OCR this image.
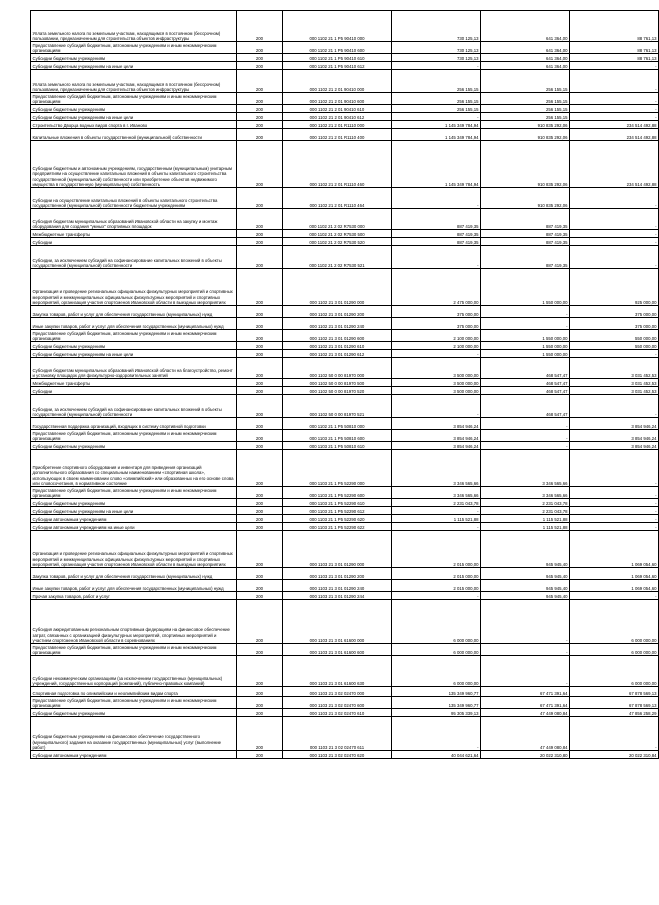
Уплата земельного налога по земельным участкам, находящимся в постоянном (бессрочном) пользовании, предназначенным для строительства объектов инфраструктуры	200	000 1102 21 1 P5 90410 000	730 125,13	641 364,00	88 761,13
Предоставление субсидий бюджетным, автономным учреждениям и иным некоммерческим организациям	200	000 1102 21 1 P5 90410 600	730 125,13	641 364,00	88 761,13
Субсидии бюджетным учреждениям	200	000 1102 21 1 P5 90410 610	730 125,13	641 364,00	88 761,13
Субсидии бюджетным учреждениям на иные цели	200	000 1102 21 1 P5 90410 612	-	641 364,00	-
Уплата земельного налога по земельным участкам, находящимся в постоянном (бессрочном) пользовании, предназначенным для строительства объектов инфраструктуры	200	000 1102 21 2 01 90410 000	256 155,15	256 155,15	-
Предоставление субсидий бюджетным, автономным учреждениям и иным некоммерческим организациям	200	000 1102 21 2 01 90410 600	256 155,15	256 155,15	-
Субсидии бюджетным учреждениям	200	000 1102 21 2 01 90410 610	256 155,15	256 155,15	-
Субсидии бюджетным учреждениям на иные цели	200	000 1102 21 2 01 90410 612	-	256 155,15	-
Строительство Дворца водных видов спорта в г. Иваново	200	000 1102 21 2 01 R1110 000	1 145 349 784,94	910 835 292,06	234 514 492,88
Капитальные вложения в объекты государственной (муниципальной) собственности	200	000 1102 21 2 01 R1110 400	1 145 349 784,94	910 835 292,06	234 514 492,88
Субсидии бюджетным и автономным учреждениям, государственным (муниципальным) унитарным предприятиям на осуществление капитальных вложений в объекты капитального строительства государственной (муниципальной) собственности или приобретение объектов недвижимого имущества в государственную (муниципальную) собственность	200	000 1102 21 2 01 R1110 460	1 145 349 784,94	910 835 292,06	234 514 492,88
Субсидии на осуществление капитальных вложений в объекты капитального строительства государственной (муниципальной) собственности бюджетным учреждениям	200	000 1102 21 2 01 R1110 464	-	910 835 292,06	-
Субсидия бюджетам муниципальных образований Ивановской области на закупку и монтаж оборудования для создания "умных" спортивных площадок	200	000 1102 21 2 02 R7530 000	887 419,35	887 419,35	-
Межбюджетные трансферты	200	000 1102 21 2 02 R7530 500	887 419,35	887 419,35	-
Субсидии	200	000 1102 21 2 02 R7530 520	887 419,35	887 419,35	-
Субсидии, за исключением субсидий на софинансирование капитальных вложений в объекты государственной (муниципальной) собственности	200	000 1102 21 2 02 R7530 521	-	887 419,35	-
Организация и проведение региональных официальных физкультурных мероприятий и спортивных мероприятий и межмуниципальных официальных физкультурных мероприятий и спортивных мероприятий, организация участия спортсменов Ивановской области в выездных мероприятиях	200	000 1102 21 3 01 01290 000	2 475 000,00	1 550 000,00	925 000,00
Закупка товаров, работ и услуг для обеспечения государственных (муниципальных) нужд	200	000 1102 21 3 01 01290 200	375 000,00	-	375 000,00
Иные закупки товаров, работ и услуг для обеспечения государственных (муниципальных) нужд	200	000 1102 21 3 01 01290 240	375 000,00	-	375 000,00
Предоставление субсидий бюджетным, автономным учреждениям и иным некоммерческим организациям	200	000 1102 21 3 01 01290 600	2 100 000,00	1 550 000,00	550 000,00
Субсидии бюджетным учреждениям	200	000 1102 21 3 01 01290 610	2 100 000,00	1 550 000,00	550 000,00
Субсидии бюджетным учреждениям на иные цели	200	000 1102 21 3 01 01290 612	-	1 550 000,00	-
Субсидия бюджетам муниципальных образований Ивановской области на благоустройство, ремонт и установку площадок для физкультурно-оздоровительных занятий	200	000 1102 50 0 00 81970 000	3 500 000,00	468 547,47	3 031 452,53
Межбюджетные трансферты	200	000 1102 50 0 00 81970 500	3 500 000,00	468 547,47	3 031 452,53
Субсидии	200	000 1102 50 0 00 81970 520	3 500 000,00	468 547,47	3 031 452,53
Субсидии, за исключением субсидий на софинансирование капитальных вложений в объекты государственной (муниципальной) собственности	200	000 1102 50 0 00 81970 521	-	468 547,47	-
Государственная поддержка организаций, входящих в систему спортивной подготовки	200	000 1102 21 1 P5 50810 000	3 854 946,24	-	3 854 946,24
Предоставление субсидий бюджетным, автономным учреждениям и иным некоммерческим организациям	200	000 1103 21 1 P5 50810 600	3 854 946,24	-	3 854 946,24
Субсидии бюджетным учреждениям	200	000 1103 21 1 P5 50810 610	3 854 946,24	-	3 854 946,24
Приобретение спортивного оборудования и инвентаря для приведения организаций дополнительного образования со специальным наименованием «спортивная школа», использующих в своем наименовании слово «олимпийский» или образованных на его основе слова или словосочетания, в нормативное состояние	200	000 1103 21 1 P5 52290 000	3 346 565,66	3 346 565,66	-
Предоставление субсидий бюджетным, автономным учреждениям и иным некоммерческим организациям	200	000 1103 21 1 P5 52290 600	3 346 565,66	3 346 565,66	-
Субсидии бюджетным учреждениям	200	000 1103 21 1 P5 52290 610	2 231 043,78	2 231 043,78	-
Субсидии бюджетным учреждениям на иные цели	200	000 1103 21 1 P5 52290 612	-	2 231 043,78	-
Субсидии автономным учреждениям	200	000 1103 21 1 P5 52290 620	1 115 521,88	1 115 521,88	-
Субсидии автономным учреждениям на иные цели	200	000 1103 21 1 P5 52290 622	-	1 115 521,88	-
Организация и проведение региональных официальных физкультурных мероприятий и спортивных мероприятий и межмуниципальных официальных физкультурных мероприятий и спортивных мероприятий, организация участия спортсменов Ивановской области в выездных мероприятиях	200	000 1103 21 3 01 01290 000	2 015 000,00	945 945,40	1 069 054,60
Закупка товаров, работ и услуг для обеспечения государственных (муниципальных) нужд	200	000 1103 21 3 01 01290 200	2 015 000,00	945 945,40	1 069 054,60
Иные закупки товаров, работ и услуг для обеспечения государственных (муниципальных) нужд	200	000 1103 21 3 01 01290 240	2 015 000,00	945 945,40	1 069 054,60
Прочая закупка товаров, работ и услуг	200	000 1103 21 3 01 01290 244	-	945 945,40	-
Субсидия аккредитованным региональным спортивным федерациям на финансовое обеспечение затрат, связанных с организацией физкультурных мероприятий, спортивных мероприятий и участием спортсменов Ивановской области в соревнованиях	200	000 1103 21 3 01 61600 000	6 000 000,00	-	6 000 000,00
Предоставление субсидий бюджетным, автономным учреждениям и иным некоммерческим организациям	200	000 1103 21 3 01 61600 600	6 000 000,00	-	6 000 000,00
Субсидии некоммерческим организациям (за исключением государственных (муниципальных) учреждений, государственных корпораций (компаний), публично-правовых компаний)	200	000 1103 21 3 01 61600 630	6 000 000,00	-	6 000 000,00
Спортивная подготовка по олимпийским и неолимпийским видам спорта	200	000 1103 21 3 02 02470 000	135 349 960,77	67 471 391,64	67 878 569,13
Предоставление субсидий бюджетным, автономным учреждениям и иным некоммерческим организациям	200	000 1103 21 3 02 02470 600	135 349 960,77	67 471 391,64	67 878 569,13
Субсидии бюджетным учреждениям	200	000 1103 21 3 02 02470 610	95 305 339,13	47 449 080,84	47 856 258,29
Субсидии бюджетным учреждениям на финансовое обеспечение государственного (муниципального) задания на оказание государственных (муниципальных) услуг (выполнение работ)	200	000 1103 21 3 02 02470 611	-	47 449 080,84	-
Субсидии автономным учреждениям	200	000 1103 21 3 02 02470 620	40 044 621,64	20 022 310,80	20 022 310,84
